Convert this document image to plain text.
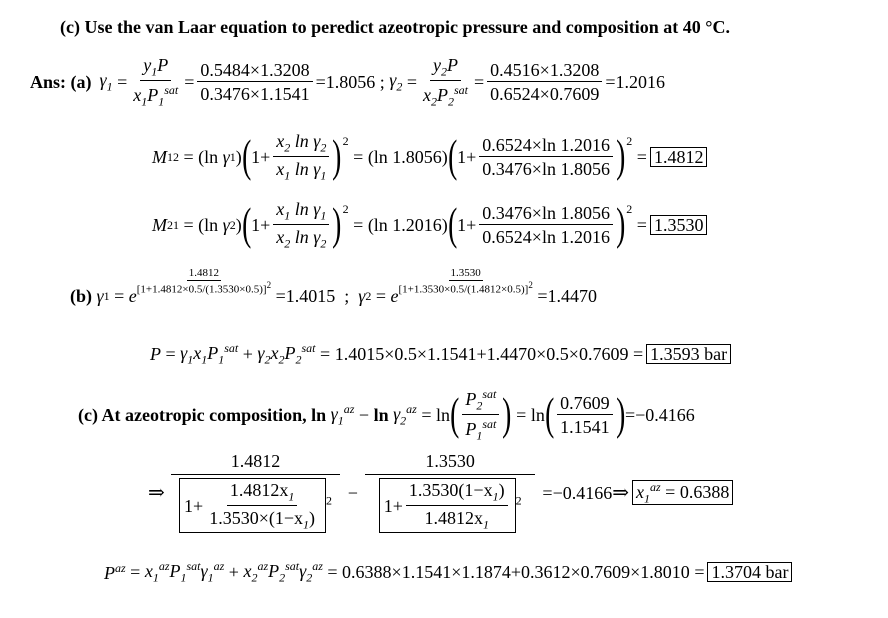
(c) Use the van Laar equation to peredict azeotropic pressure and composition at 40 °C.
Ans: (a) $\gamma_1 = \frac{y_1P}{x_1P_1^{sat}} = \frac{0.5484\times 1.3208}{0.3476\times 1.1541} = 1.8056$ ; $\gamma_2 = \frac{y_2P}{x_2P_2^{sat}} = \frac{0.4516\times 1.3208}{0.6524\times 0.7609} = 1.2016$
M 12 = (ln γ 1 ) ( $1+ \frac{x_2 \ln \gamma_2}{x_1 \ln \gamma_1}$ ) 2
= (ln 1.8056) ( $1+ \frac{0.6524\times\ln 1.2016}{0.3476\times\ln 1.8056}$ ) 2
= 1.4812
M 21 = (ln γ 2 ) ( $1+ \frac{x_1 \ln \gamma_1}{x_2 \ln \gamma_2}$ ) 2
= (ln 1.2016) ( $1+ \frac{0.3476\times\ln 1.8056}{0.6524\times\ln 1.2016}$ ) 2
= 1.3530
(b)
γ 1 = e
1.4812
$[1+1.4812\times 0.5/(1.3530\times 0.5)]^2$
= 1.4015 ; γ 2 = e
1.3530
$[1+1.3530\times 0.5/(1.4812\times 0.5)]^2$
= 1.4470
$P = \gamma_1x_1P_1^{sat} + \gamma_2x_2P_2^{sat} = 1.4015\times 0.5\times 1.1541+1.4470\times 0.5\times 0.7609 = 1.3593$ bar
(c) At azeotropic composition,
ln
$\gamma_1^{az} - \ln$
$\gamma_2^{az} = \ln$ ( $\frac{P_2^{sat}}{P_1^{sat}}$ ) = ln ( $\frac{0.7609}{1.1541}$ ) = −0.4166
⇒
1.4812
$1+ \frac{1.4812x_1}{1.3530\times(1-x_1)} ^2$ −
1.3530
$1+ \frac{1.3530(1-x_1)}{1.4812x_1} ^2 = -0.4166$ ⇒ $x_1^{az} = 0.6388$
$P^{az} = x_1^{az}P_1^{sat}\gamma_1^{az} + x_2^{az}P_2^{sat}\gamma_2^{az} = 0.6388\times 1.1541\times 1.1874+0.3612\times 0.7609\times 1.8010 = 1.3704$ bar
